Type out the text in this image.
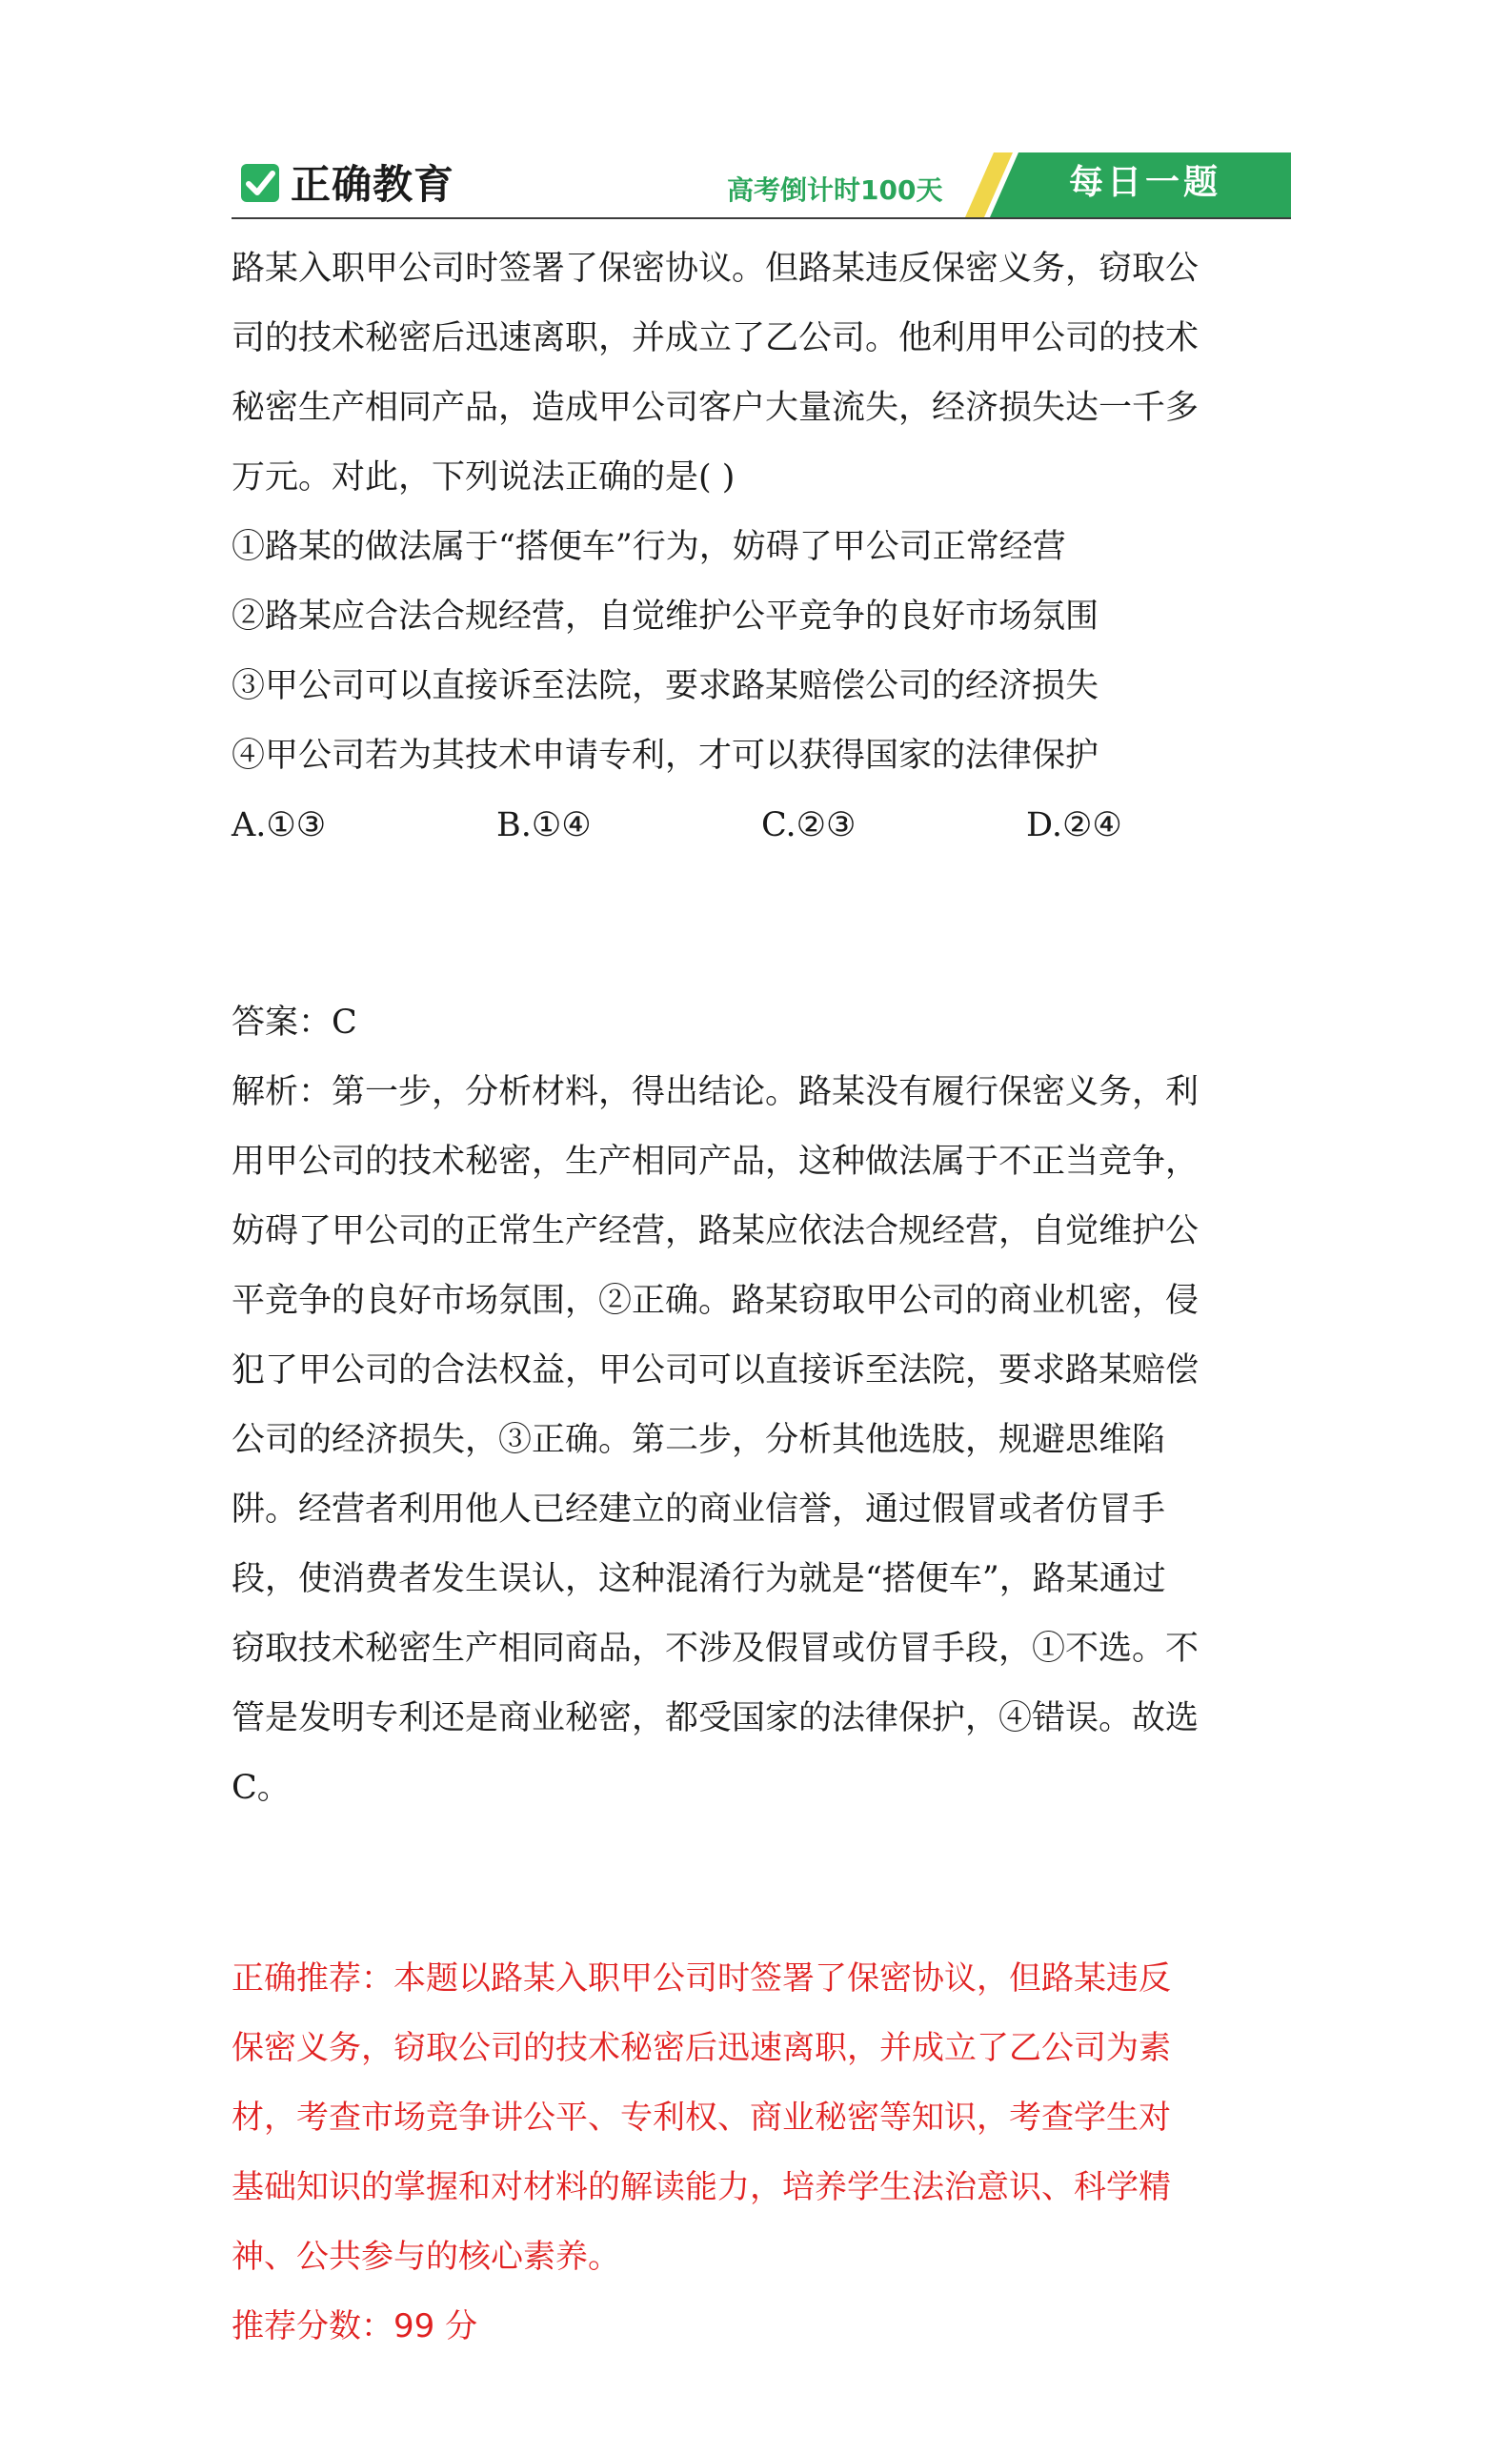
正确教育	高考倒计时100天	每日一题

路某入职甲公司时签署了保密协议。但路某违反保密义务，窃取公

司的技术秘密后迅速离职，并成立了乙公司。他利用甲公司的技术

秘密生产相同产品，造成甲公司客户大量流失，经济损失达一千多

万元。对此，下列说法正确的是( )

①路某的做法属于“搭便车”行为，妨碍了甲公司正常经营

②路某应合法合规经营，自觉维护公平竞争的良好市场氛围

③甲公司可以直接诉至法院，要求路某赔偿公司的经济损失

④甲公司若为其技术申请专利，才可以获得国家的法律保护

A.①③	B.①④	C.②③	D.②④

答案：C

解析：第一步，分析材料，得出结论。路某没有履行保密义务，利

用甲公司的技术秘密，生产相同产品，这种做法属于不正当竞争，

妨碍了甲公司的正常生产经营，路某应依法合规经营，自觉维护公

平竞争的良好市场氛围，②正确。路某窃取甲公司的商业机密，侵

犯了甲公司的合法权益，甲公司可以直接诉至法院，要求路某赔偿

公司的经济损失，③正确。第二步，分析其他选肢，规避思维陷

阱。经营者利用他人已经建立的商业信誉，通过假冒或者仿冒手

段，使消费者发生误认，这种混淆行为就是“搭便车”，路某通过

窃取技术秘密生产相同商品，不涉及假冒或仿冒手段，①不选。不

管是发明专利还是商业秘密，都受国家的法律保护，④错误。故选

C。

正确推荐：本题以路某入职甲公司时签署了保密协议，但路某违反

保密义务，窃取公司的技术秘密后迅速离职，并成立了乙公司为素

材，考查市场竞争讲公平、专利权、商业秘密等知识，考查学生对

基础知识的掌握和对材料的解读能力，培养学生法治意识、科学精

神、公共参与的核心素养。

推荐分数：99 分
